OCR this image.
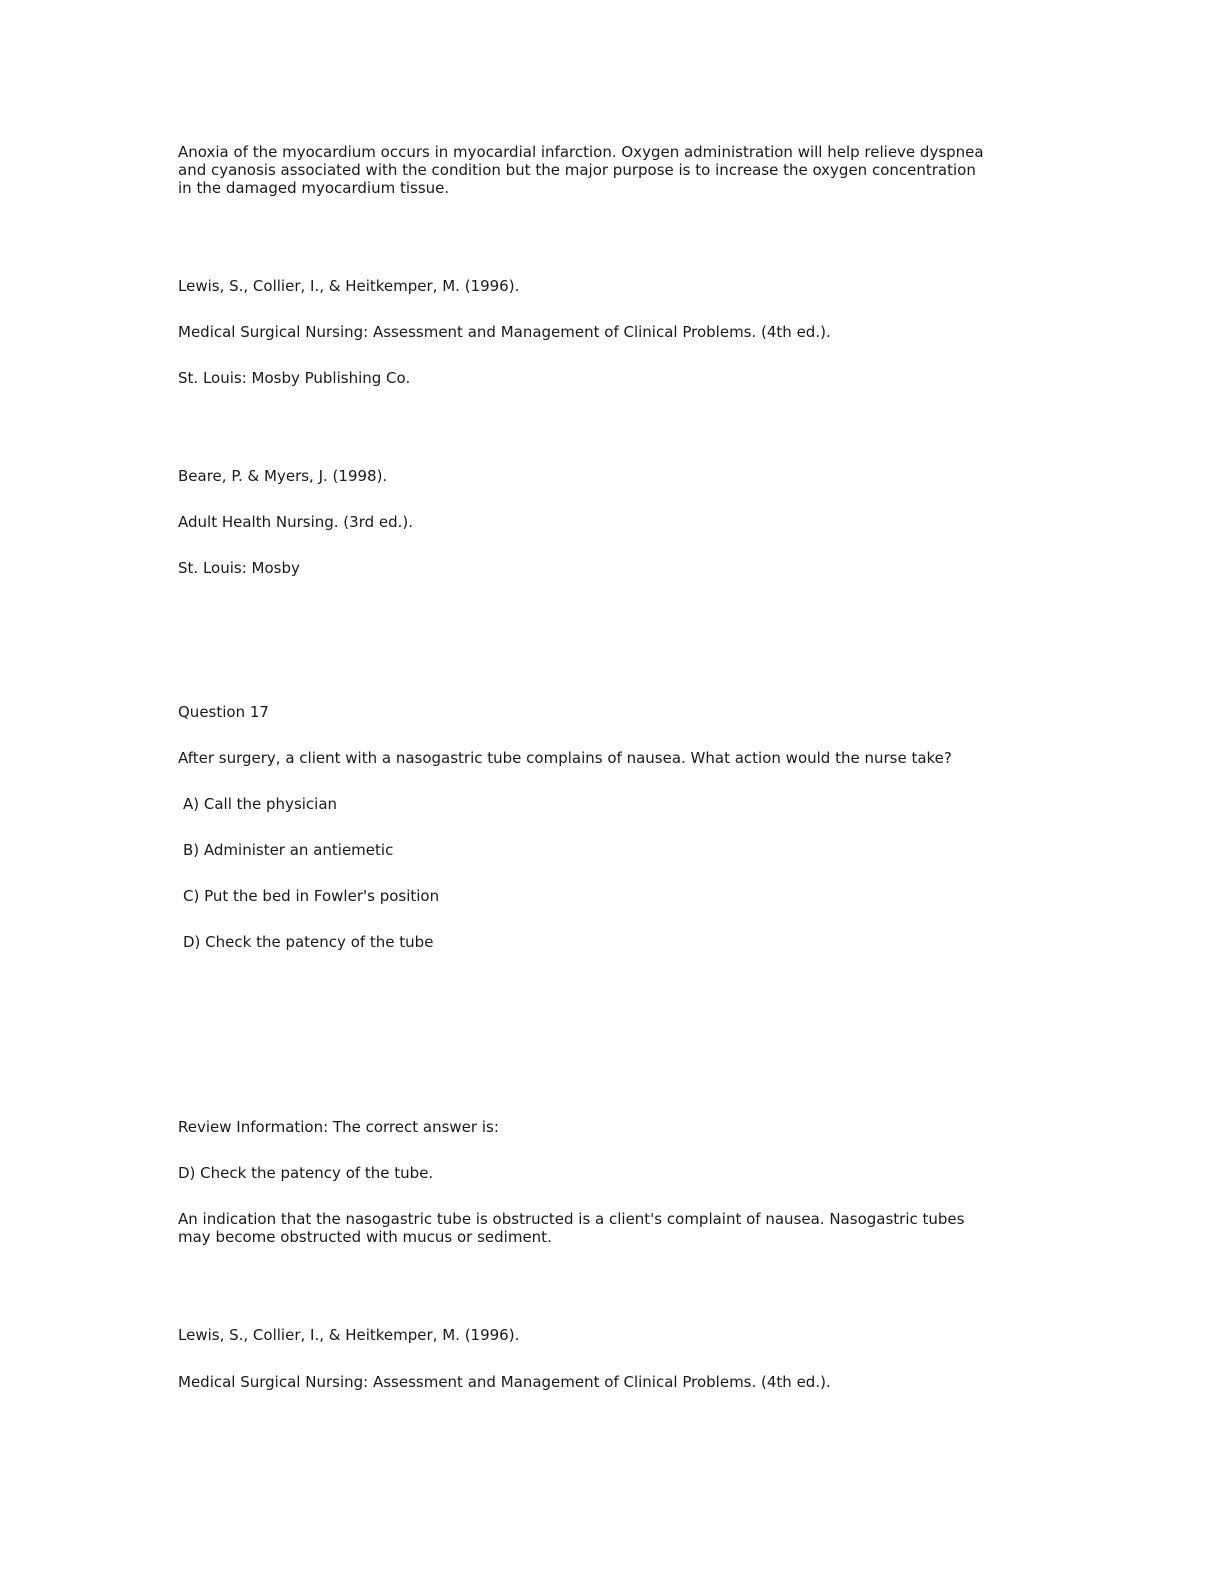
Anoxia of the myocardium occurs in myocardial infarction. Oxygen administration will help relieve dyspnea
and cyanosis associated with the condition but the major purpose is to increase the oxygen concentration
in the damaged myocardium tissue.

Lewis, S., Collier, I., & Heitkemper, M. (1996).

Medical Surgical Nursing: Assessment and Management of Clinical Problems. (4th ed.).

St. Louis: Mosby Publishing Co.

Beare, P. & Myers, J. (1998).

Adult Health Nursing. (3rd ed.).

St. Louis: Mosby

Question 17

After surgery, a client with a nasogastric tube complains of nausea. What action would the nurse take?

A) Call the physician

B) Administer an antiemetic

C) Put the bed in Fowler's position

D) Check the patency of the tube

Review Information: The correct answer is:

D) Check the patency of the tube.

An indication that the nasogastric tube is obstructed is a client's complaint of nausea. Nasogastric tubes
may become obstructed with mucus or sediment.

Lewis, S., Collier, I., & Heitkemper, M. (1996).

Medical Surgical Nursing: Assessment and Management of Clinical Problems. (4th ed.).
